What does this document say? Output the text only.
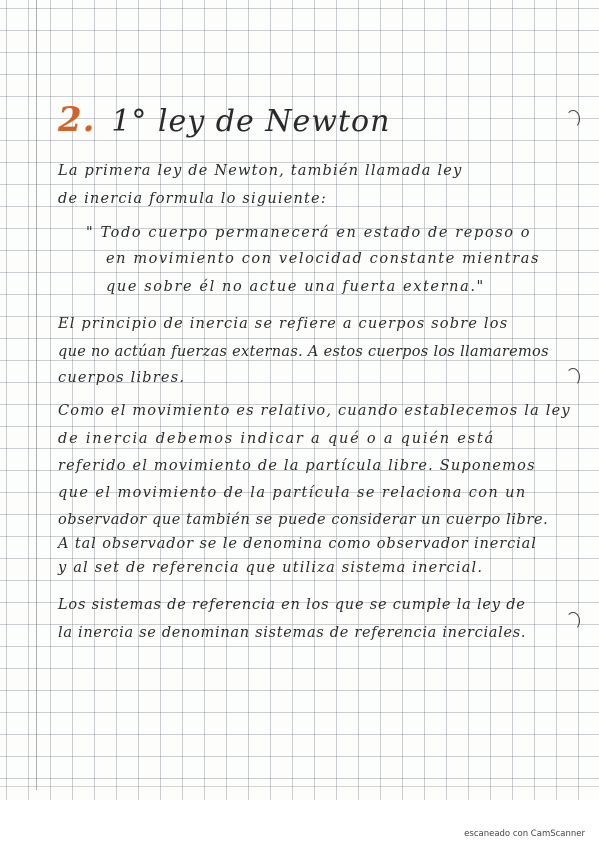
2. 1° ley de Newton
La primera ley de Newton, también llamada ley
de inercia formula lo siguiente:
" Todo cuerpo permanecerá en estado de reposo o
en movimiento con velocidad constante mientras
que sobre él no actue una fuerta externa."
El principio de inercia se refiere a cuerpos sobre los
que no actúan fuerzas externas. A estos cuerpos los llamaremos
cuerpos libres.
Como el movimiento es relativo, cuando establecemos la ley
de inercia debemos indicar a qué o a quién está
referido el movimiento de la partícula libre. Suponemos
que el movimiento de la partícula se relaciona con un
observador que también se puede considerar un cuerpo libre.
A tal observador se le denomina como observador inercial
y al set de referencia que utiliza sistema inercial.
Los sistemas de referencia en los que se cumple la ley de
la inercia se denominan sistemas de referencia inerciales.
escaneado con CamScanner
